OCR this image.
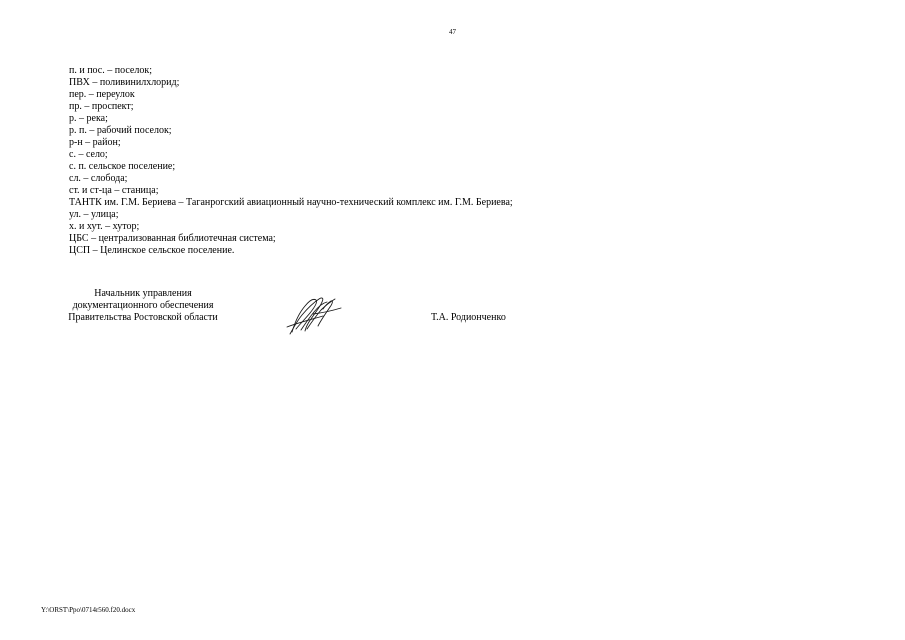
47
п. и пос. – поселок;
ПВХ – поливинилхлорид;
пер. – переулок
пр. – проспект;
р. – река;
р. п. – рабочий поселок;
р-н – район;
с. – село;
с. п. сельское поселение;
сл. – слобода;
ст. и ст-ца – станица;
ТАНТК им. Г.М. Бериева – Таганрогский авиационный научно-технический комплекс им. Г.М. Бериева;
ул. – улица;
х. и хут. – хутор;
ЦБС – централизованная библиотечная система;
ЦСП – Целинское сельское поселение.
Начальник управления
документационного обеспечения
Правительства Ростовской области	Т.А. Родионченко
Y:\ORST\Ppo\0714r560.f20.docx
